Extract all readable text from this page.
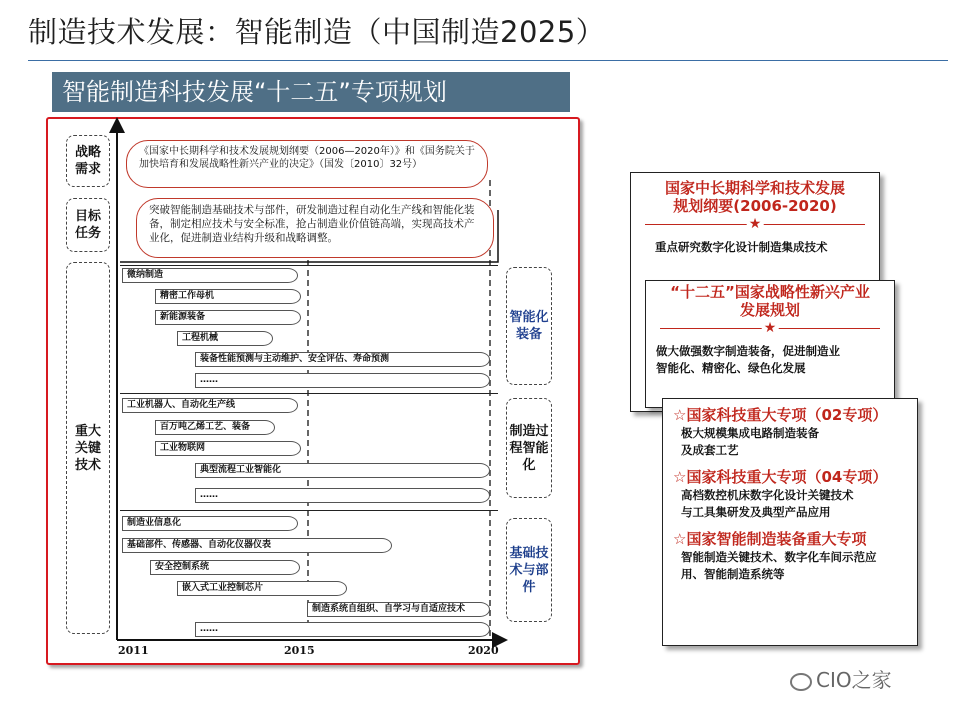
制造技术发展：智能制造（中国制造2025）
智能制造科技发展“十二五”专项规划
战略
需求
目标
任务
重大
关键
技术
《国家中长期科学和技术发展规划纲要（2006—2020年）》和《国务院关于加快培育和发展战略性新兴产业的决定》（国发〔2010〕32号）
突破智能制造基础技术与部件，研发制造过程自动化生产线和智能化装备，制定相应技术与安全标准，抢占制造业价值链高端，实现高技术产业化，促进制造业结构升级和战略调整。
微纳制造
精密工作母机
新能源装备
工程机械
装备性能预测与主动维护、安全评估、寿命预测
……
智能化装备
工业机器人、自动化生产线
百万吨乙烯工艺、装备
工业物联网
典型流程工业智能化
……
制造过程智能化
制造业信息化
基础部件、传感器、自动化仪器仪表
安全控制系统
嵌入式工业控制芯片
制造系统自组织、自学习与自适应技术
……
基础技术与部件
2011	2015	2020
国家中长期科学和技术发展
规划纲要(2006-2020)
★
重点研究数字化设计制造集成技术
“十二五”国家战略性新兴产业
发展规划
★
做大做强数字制造装备，促进制造业
智能化、精密化、绿色化发展
☆国家科技重大专项（02专项）
极大规模集成电路制造装备
及成套工艺
☆国家科技重大专项（04专项）
高档数控机床数字化设计关键技术
与工具集研发及典型产品应用
☆国家智能制造装备重大专项
智能制造关键技术、数字化车间示范应
用、智能制造系统等
CIO之家
